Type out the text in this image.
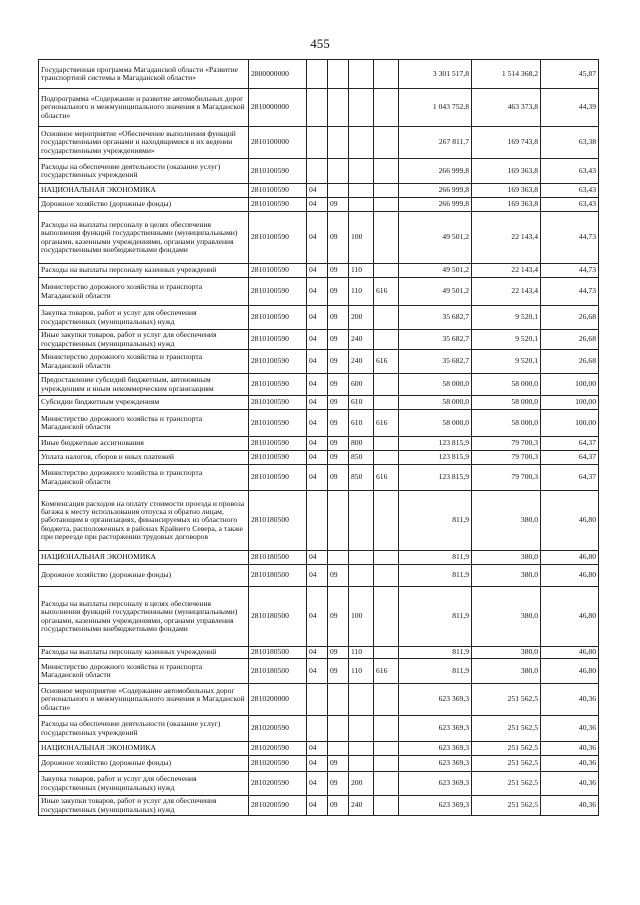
455
Государственная программа Магаданской области «Развитие транспортной системы в Магаданской области»	2800000000					3 301 517,8	1 514 368,2	45,87
Подпрограмма «Содержание и развитие автомобильных дорог регионального и межмуниципального значения в Магаданской области»	2810000000					1 043 752,8	463 373,8	44,39
Основное мероприятие «Обеспечение выполнения функций государственными органами и находящимися в их ведении государственными учреждениями»	2810100000					267 811,7	169 743,8	63,38
Расходы на обеспечение деятельности (оказание услуг) государственных учреждений	2810100590					266 999,8	169 363,8	63,43
НАЦИОНАЛЬНАЯ ЭКОНОМИКА	2810100590	04				266 999,8	169 363,8	63,43
Дорожное хозяйство (дорожные фонды)	2810100590	04	09			266 999,8	169 363,8	63,43
Расходы на выплаты персоналу в целях обеспечения выполнения функций государственными (муниципальными) органами, казенными учреждениями, органами управления государственными внебюджетными фондами	2810100590	04	09	100		49 501,2	22 143,4	44,73
Расходы на выплаты персоналу казенных учреждений	2810100590	04	09	110		49 501,2	22 143,4	44,73
Министерство дорожного хозяйства и транспорта Магаданской области	2810100590	04	09	110	616	49 501,2	22 143,4	44,73
Закупка товаров, работ и услуг для обеспечения государственных (муниципальных) нужд	2810100590	04	09	200		35 682,7	9 520,1	26,68
Иные закупки товаров, работ и услуг для обеспечения государственных (муниципальных) нужд	2810100590	04	09	240		35 682,7	9 520,1	26,68
Министерство дорожного хозяйства и транспорта Магаданской области	2810100590	04	09	240	616	35 682,7	9 520,1	26,68
Предоставление субсидий бюджетным, автономным учреждениям и иным некоммерческим организациям	2810100590	04	09	600		58 000,0	58 000,0	100,00
Субсидии бюджетным учреждениям	2810100590	04	09	610		58 000,0	58 000,0	100,00
Министерство дорожного хозяйства и транспорта Магаданской области	2810100590	04	09	610	616	58 000,0	58 000,0	100,00
Иные бюджетные ассигнования	2810100590	04	09	800		123 815,9	79 700,3	64,37
Уплата налогов, сборов и иных платежей	2810100590	04	09	850		123 815,9	79 700,3	64,37
Министерство дорожного хозяйства и транспорта Магаданской области	2810100590	04	09	850	616	123 815,9	79 700,3	64,37
Компенсация расходов на оплату стоимости проезда и провоза багажа к месту использования отпуска и обратно лицам, работающим в организациях, финансируемых из областного бюджета, расположенных в районах Крайнего Севера, а также при переезде при расторжении трудовых договоров	2810180500					811,9	380,0	46,80
НАЦИОНАЛЬНАЯ ЭКОНОМИКА	2810180500	04				811,9	380,0	46,80
Дорожное хозяйство (дорожные фонды)	2810180500	04	09			811,9	380,0	46,80
Расходы на выплаты персоналу в целях обеспечения выполнения функций государственными (муниципальными) органами, казенными учреждениями, органами управления государственными внебюджетными фондами	2810180500	04	09	100		811,9	380,0	46,80
Расходы на выплаты персоналу казенных учреждений	2810180500	04	09	110		811,9	380,0	46,80
Министерство дорожного хозяйства и транспорта Магаданской области	2810180500	04	09	110	616	811,9	380,0	46,80
Основное мероприятие «Содержание автомобильных дорог регионального и межмуниципального значения в Магаданской области»	2810200000					623 369,3	251 562,5	40,36
Расходы на обеспечение деятельности (оказание услуг) государственных учреждений	2810200590					623 369,3	251 562,5	40,36
НАЦИОНАЛЬНАЯ ЭКОНОМИКА	2810200590	04				623 369,3	251 562,5	40,36
Дорожное хозяйство (дорожные фонды)	2810200590	04	09			623 369,3	251 562,5	40,36
Закупка товаров, работ и услуг для обеспечения государственных (муниципальных) нужд	2810200590	04	09	200		623 369,3	251 562,5	40,36
Иные закупки товаров, работ и услуг для обеспечения государственных (муниципальных) нужд	2810200590	04	09	240		623 369,3	251 562,5	40,36
